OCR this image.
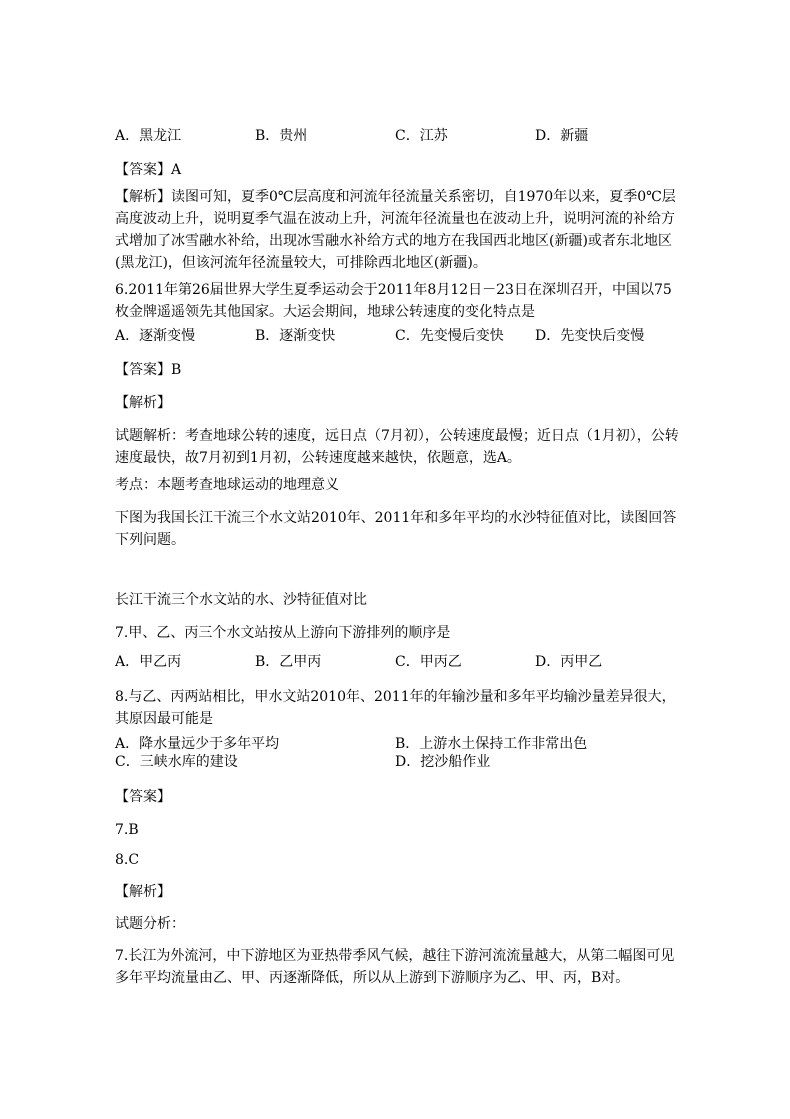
A．黑龙江	B．贵州	C．江苏	D．新疆
【答案】A
【解析】读图可知，夏季0℃层高度和河流年径流量关系密切，自1970年以来，夏季0℃层高度波动上升，说明夏季气温在波动上升，河流年径流量也在波动上升，说明河流的补给方式增加了冰雪融水补给，出现冰雪融水补给方式的地方在我国西北地区(新疆)或者东北地区(黑龙江)，但该河流年径流量较大，可排除西北地区(新疆)。
6.2011年第26届世界大学生夏季运动会于2011年8月12日－23日在深圳召开，中国以75枚金牌遥遥领先其他国家。大运会期间，地球公转速度的变化特点是
A．逐渐变慢	B．逐渐变快	C．先变慢后变快 D．先变快后变慢
【答案】B
【解析】
试题解析：考查地球公转的速度，远日点（7月初），公转速度最慢；近日点（1月初），公转速度最快，故7月初到1月初，公转速度越来越快，依题意，选A。
考点：本题考查地球运动的地理意义
下图为我国长江干流三个水文站2010年、2011年和多年平均的水沙特征值对比，读图回答下列问题。
长江干流三个水文站的水、沙特征值对比
7.甲、乙、丙三个水文站按从上游向下游排列的顺序是
A．甲乙丙	B．乙甲丙	C．甲丙乙	D．丙甲乙
8.与乙、丙两站相比，甲水文站2010年、2011年的年输沙量和多年平均输沙量差异很大，其原因最可能是
A．降水量远少于多年平均	B．上游水土保持工作非常出色
C．三峡水库的建设	D．挖沙船作业
【答案】
7.B
8.C
【解析】
试题分析：
7.长江为外流河，中下游地区为亚热带季风气候，越往下游河流流量越大，从第二幅图可见多年平均流量由乙、甲、丙逐渐降低，所以从上游到下游顺序为乙、甲、丙，B对。
